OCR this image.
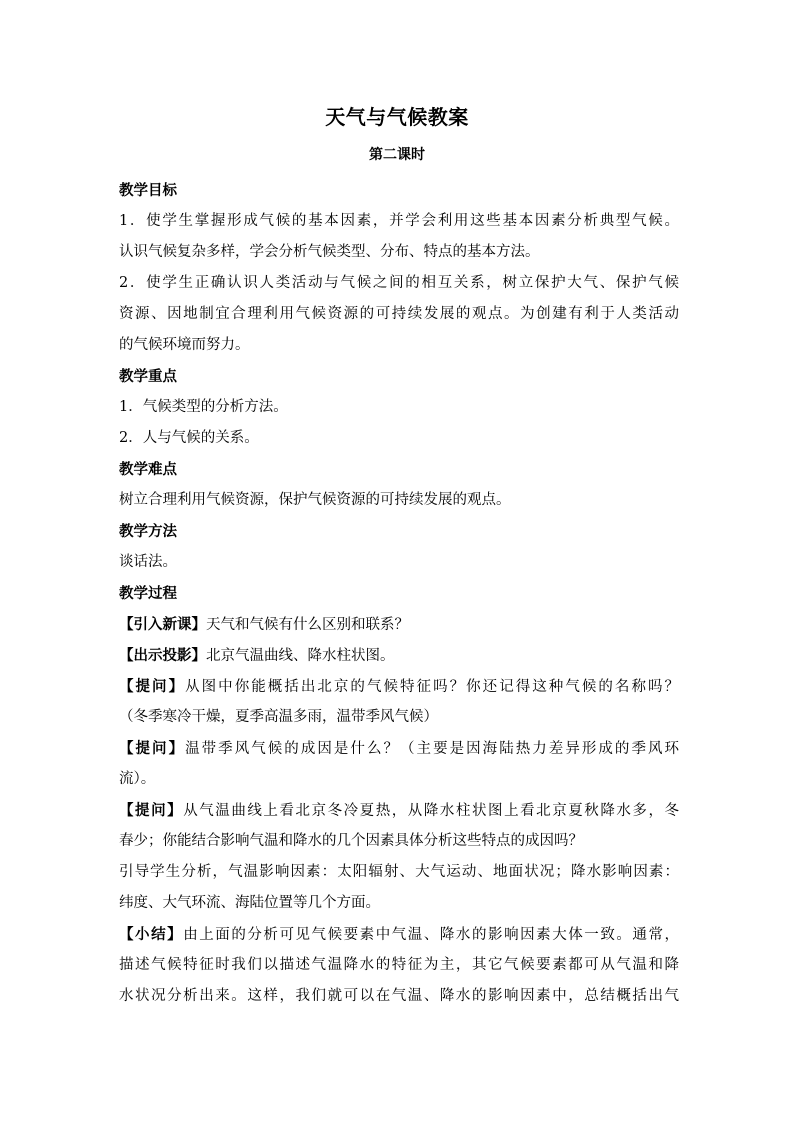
天气与气候教案
第二课时
教学目标
1．使学生掌握形成气候的基本因素，并学会利用这些基本因素分析典型气候。
认识气候复杂多样，学会分析气候类型、分布、特点的基本方法。
2．使学生正确认识人类活动与气候之间的相互关系，树立保护大气、保护气候
资源、因地制宜合理利用气候资源的可持续发展的观点。为创建有利于人类活动
的气候环境而努力。
教学重点
1．气候类型的分析方法。
2．人与气候的关系。
教学难点
树立合理利用气候资源，保护气候资源的可持续发展的观点。
教学方法
谈话法。
教学过程
【引入新课】天气和气候有什么区别和联系？
【出示投影】北京气温曲线、降水柱状图。
【提问】从图中你能概括出北京的气候特征吗？你还记得这种气候的名称吗？
（冬季寒冷干燥，夏季高温多雨，温带季风气候）
【提问】温带季风气候的成因是什么？（主要是因海陆热力差异形成的季风环
流）。
【提问】从气温曲线上看北京冬冷夏热，从降水柱状图上看北京夏秋降水多，冬
春少；你能结合影响气温和降水的几个因素具体分析这些特点的成因吗？
引导学生分析，气温影响因素：太阳辐射、大气运动、地面状况；降水影响因素：
纬度、大气环流、海陆位置等几个方面。
【小结】由上面的分析可见气候要素中气温、降水的影响因素大体一致。通常，
描述气候特征时我们以描述气温降水的特征为主，其它气候要素都可从气温和降
水状况分析出来。这样，我们就可以在气温、降水的影响因素中，总结概括出气
